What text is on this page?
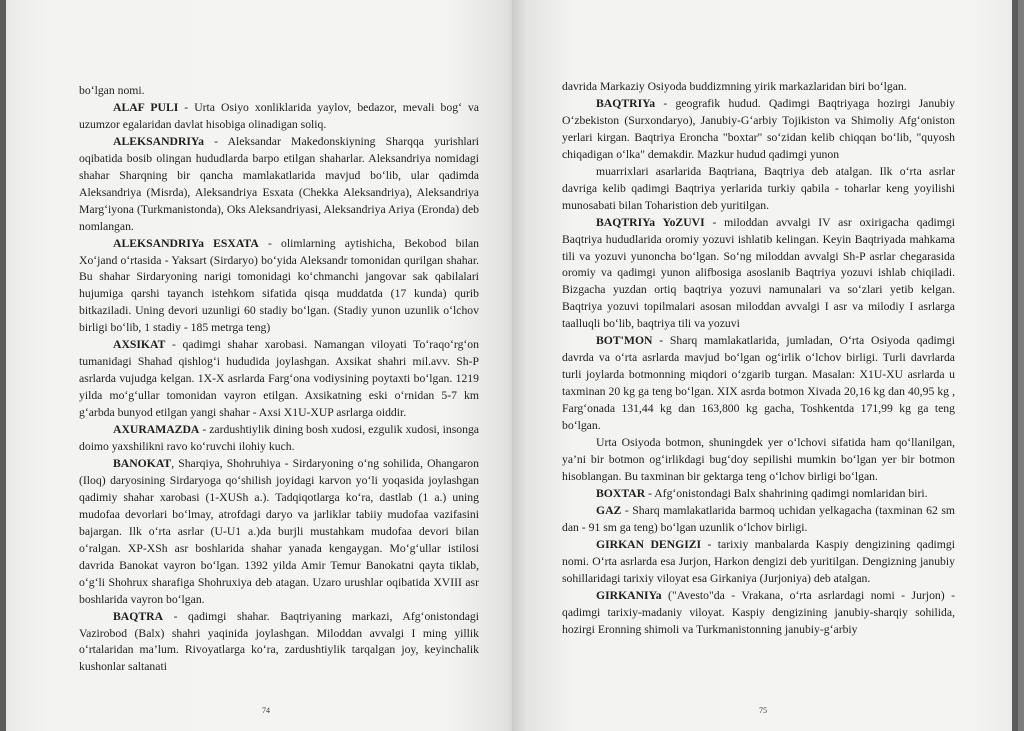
bo‘lgan nomi.

ALAF PULI - Urta Osiyo xonliklarida yaylov, bedazor, mevali bog‘ va uzumzor egalaridan davlat hisobiga olinadigan soliq.

ALEKSANDRIYa - Aleksandar Makedonskiyning Sharqqa yurishlari oqibatida bosib olingan hududlarda barpo etilgan shaharlar. Aleksandriya nomidagi shahar Sharqning bir qancha mamlakatlarida mavjud bo‘lib, ular qadimda Aleksandriya (Misrda), Aleksandriya Esxata (Chekka Aleksandriya), Aleksandriya Marg‘iyona (Turkmanistonda), Oks Aleksandriyasi, Aleksandriya Ariya (Eronda) deb nomlangan.

ALEKSANDRIYa ESXATA - olimlarning aytishicha, Bekobod bilan Xo‘jand o‘rtasida - Yaksart (Sirdaryo) bo‘yida Aleksandr tomonidan qurilgan shahar. Bu shahar Sirdaryoning narigi tomonidagi ko‘chmanchi jangovar sak qabilalari hujumiga qarshi tayanch istehkom sifatida qisqa muddatda (17 kunda) qurib bitkaziladi. Uning devori uzunligi 60 stadiy bo‘lgan. (Stadiy yunon uzunlik o‘lchov birligi bo‘lib, 1 stadiy - 185 metrga teng)

AXSIKAT - qadimgi shahar xarobasi. Namangan viloyati To‘raqo‘rg‘on tumanidagi Shahad qishlog‘i hududida joylashgan. Axsikat shahri mil.avv. Sh-P asrlarda vujudga kelgan. 1X-X asrlarda Farg‘ona vodiysining poytaxti bo‘lgan. 1219 yilda mo‘g‘ullar tomonidan vayron etilgan. Axsikatning eski o‘rnidan 5-7 km g‘arbda bunyod etilgan yangi shahar - Axsi X1U-XUP asrlarga oiddir.

AXURAMAZDA - zardushtiylik dining bosh xudosi, ezgulik xudosi, insonga doimo yaxshilikni ravo ko‘ruvchi ilohiy kuch.

BANOKAT, Sharqiya, Shohruhiya - Sirdaryoning o‘ng sohilida, Ohangaron (Iloq) daryosining Sirdaryoga qo‘shilish joyidagi karvon yo‘li yoqasida joylashgan qadimiy shahar xarobasi (1-XUSh a.). Tadqiqotlarga ko‘ra, dastlab (1 a.) uning mudofaa devorlari bo‘lmay, atrofdagi daryo va jarliklar tabiiy mudofaa vazifasini bajargan. Ilk o‘rta asrlar (U-U1 a.)da burjli mustahkam mudofaa devori bilan o‘ralgan. XP-XSh asr boshlarida shahar yanada kengaygan. Mo‘g‘ullar istilosi davrida Banokat vayron bo‘lgan. 1392 yilda Amir Temur Banokatni qayta tiklab, o‘g‘li Shohrux sharafiga Shohruxiya deb atagan. Uzaro urushlar oqibatida XVIII asr boshlarida vayron bo‘lgan.

BAQTRA - qadimgi shahar. Baqtriyaning markazi, Afg‘onistondagi Vazirobod (Balx) shahri yaqinida joylashgan. Miloddan avvalgi I ming yillik o‘rtalaridan ma’lum. Rivoyatlarga ko‘ra, zardushtiylik tarqalgan joy, keyinchalik kushonlar saltanati

74

davrida Markaziy Osiyoda buddizmning yirik markazlaridan biri bo‘lgan.

BAQTRIYa - geografik hudud. Qadimgi Baqtriyaga hozirgi Janubiy O‘zbekiston (Surxondaryo), Janubiy-G‘arbiy Tojikiston va Shimoliy Afg‘oniston yerlari kirgan. Baqtriya Eroncha "boxtar" so‘zidan kelib chiqqan bo‘lib, "quyosh chiqadigan o‘lka" demakdir. Mazkur hudud qadimgi yunon

muarrixlari asarlarida Baqtriana, Baqtriya deb atalgan. Ilk o‘rta asrlar davriga kelib qadimgi Baqtriya yerlarida turkiy qabila - toharlar keng yoyilishi munosabati bilan Toharistion deb yuritilgan.

BAQTRIYa YoZUVI - miloddan avvalgi IV asr oxirigacha qadimgi Baqtriya hududlarida oromiy yozuvi ishlatib kelingan. Keyin Baqtriyada mahkama tili va yozuvi yunoncha bo‘lgan. So‘ng miloddan avvalgi Sh-P asrlar chegarasida oromiy va qadimgi yunon alifbosiga asoslanib Baqtriya yozuvi ishlab chiqiladi. Bizgacha yuzdan ortiq baqtriya yozuvi namunalari va so‘zlari yetib kelgan. Baqtriya yozuvi topilmalari asosan miloddan avvalgi I asr va milodiy I asrlarga taalluqli bo‘lib, baqtriya tili va yozuvi

BOT'MON - Sharq mamlakatlarida, jumladan, O‘rta Osiyoda qadimgi davrda va o‘rta asrlarda mavjud bo‘lgan og‘irlik o‘lchov birligi. Turli davrlarda turli joylarda botmonning miqdori o‘zgarib turgan. Masalan: X1U-XU asrlarda u taxminan 20 kg ga teng bo‘lgan. XIX asrda botmon Xivada 20,16 kg dan 40,95 kg , Farg‘onada 131,44 kg dan 163,800 kg gacha, Toshkentda 171,99 kg ga teng bo‘lgan.

Urta Osiyoda botmon, shuningdek yer o‘lchovi sifatida ham qo‘llanilgan, ya’ni bir botmon og‘irlikdagi bug‘doy sepilishi mumkin bo‘lgan yer bir botmon hisoblangan. Bu taxminan bir gektarga teng o‘lchov birligi bo‘lgan.

BOXTAR - Afg‘onistondagi Balx shahrining qadimgi nomlaridan biri.

GAZ - Sharq mamlakatlarida barmoq uchidan yelkagacha (taxminan 62 sm dan - 91 sm ga teng) bo‘lgan uzunlik o‘lchov birligi.

GIRKAN DENGIZI - tarixiy manbalarda Kaspiy dengizining qadimgi nomi. O‘rta asrlarda esa Jurjon, Harkon dengizi deb yuritilgan. Dengizning janubiy sohillaridagi tarixiy viloyat esa Girkaniya (Jurjoniya) deb atalgan.

GIRKANIYa ("Avesto"da - Vrakana, o‘rta asrlardagi nomi - Jurjon) -qadimgi tarixiy-madaniy viloyat. Kaspiy dengizining janubiy-sharqiy sohilida, hozirgi Eronning shimoli va Turkmanistonning janubiy-g‘arbiy

75
